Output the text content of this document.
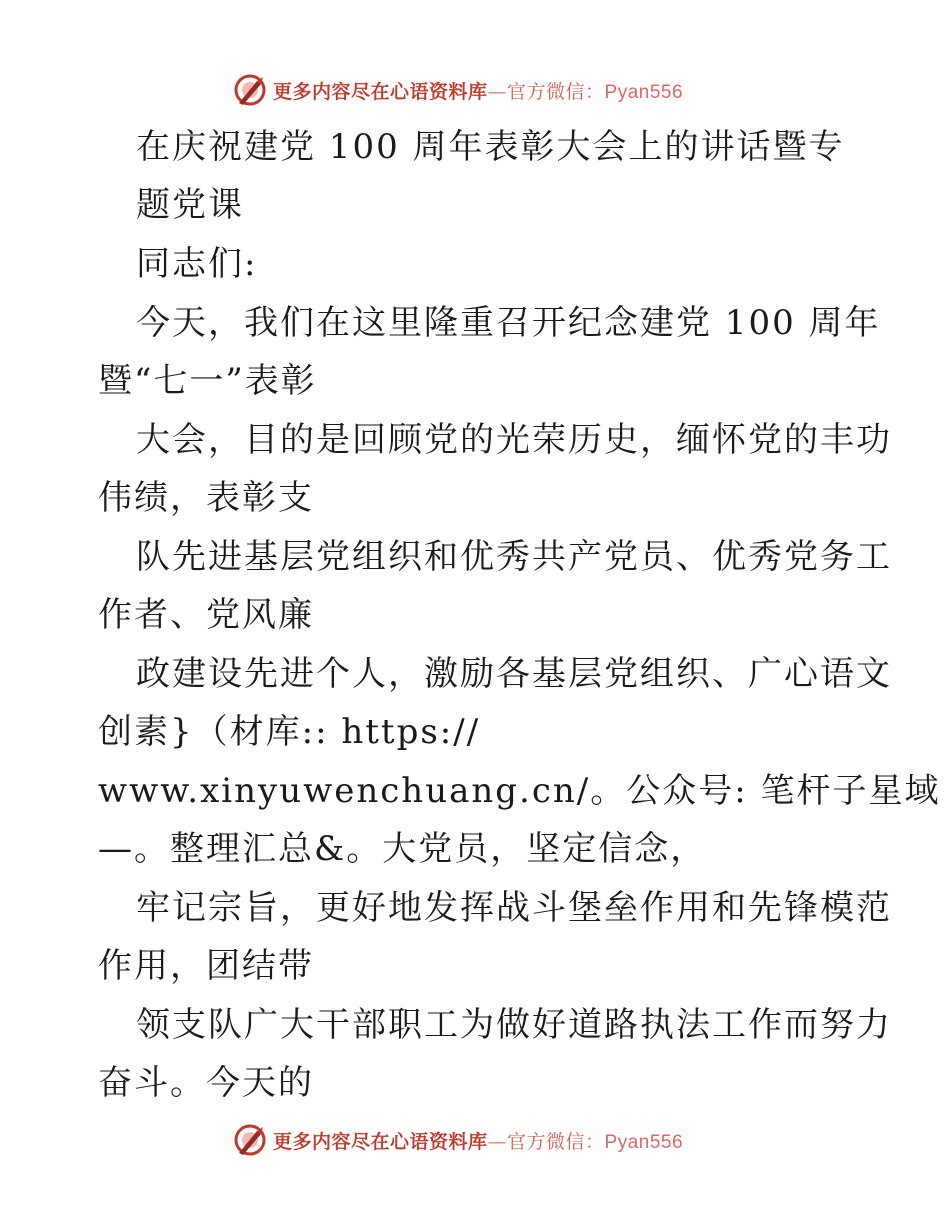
更多内容尽在心语资料库—官方微信：Pyan556
在庆祝建党 100 周年表彰大会上的讲话暨专
题党课
同志们:
今天，我们在这里隆重召开纪念建党 100 周年
暨“七一”表彰
大会，目的是回顾党的光荣历史，缅怀党的丰功
伟绩，表彰支
队先进基层党组织和优秀共产党员、优秀党务工
作者、党风廉
政建设先进个人，激励各基层党组织、广心语文
创素}（材库:: https://
www.xinyuwenchuang.cn/。公众号: 笔杆子星域
—。整理汇总&。大党员，坚定信念，
牢记宗旨，更好地发挥战斗堡垒作用和先锋模范
作用，团结带
领支队广大干部职工为做好道路执法工作而努力
奋斗。今天的
更多内容尽在心语资料库—官方微信：Pyan556
